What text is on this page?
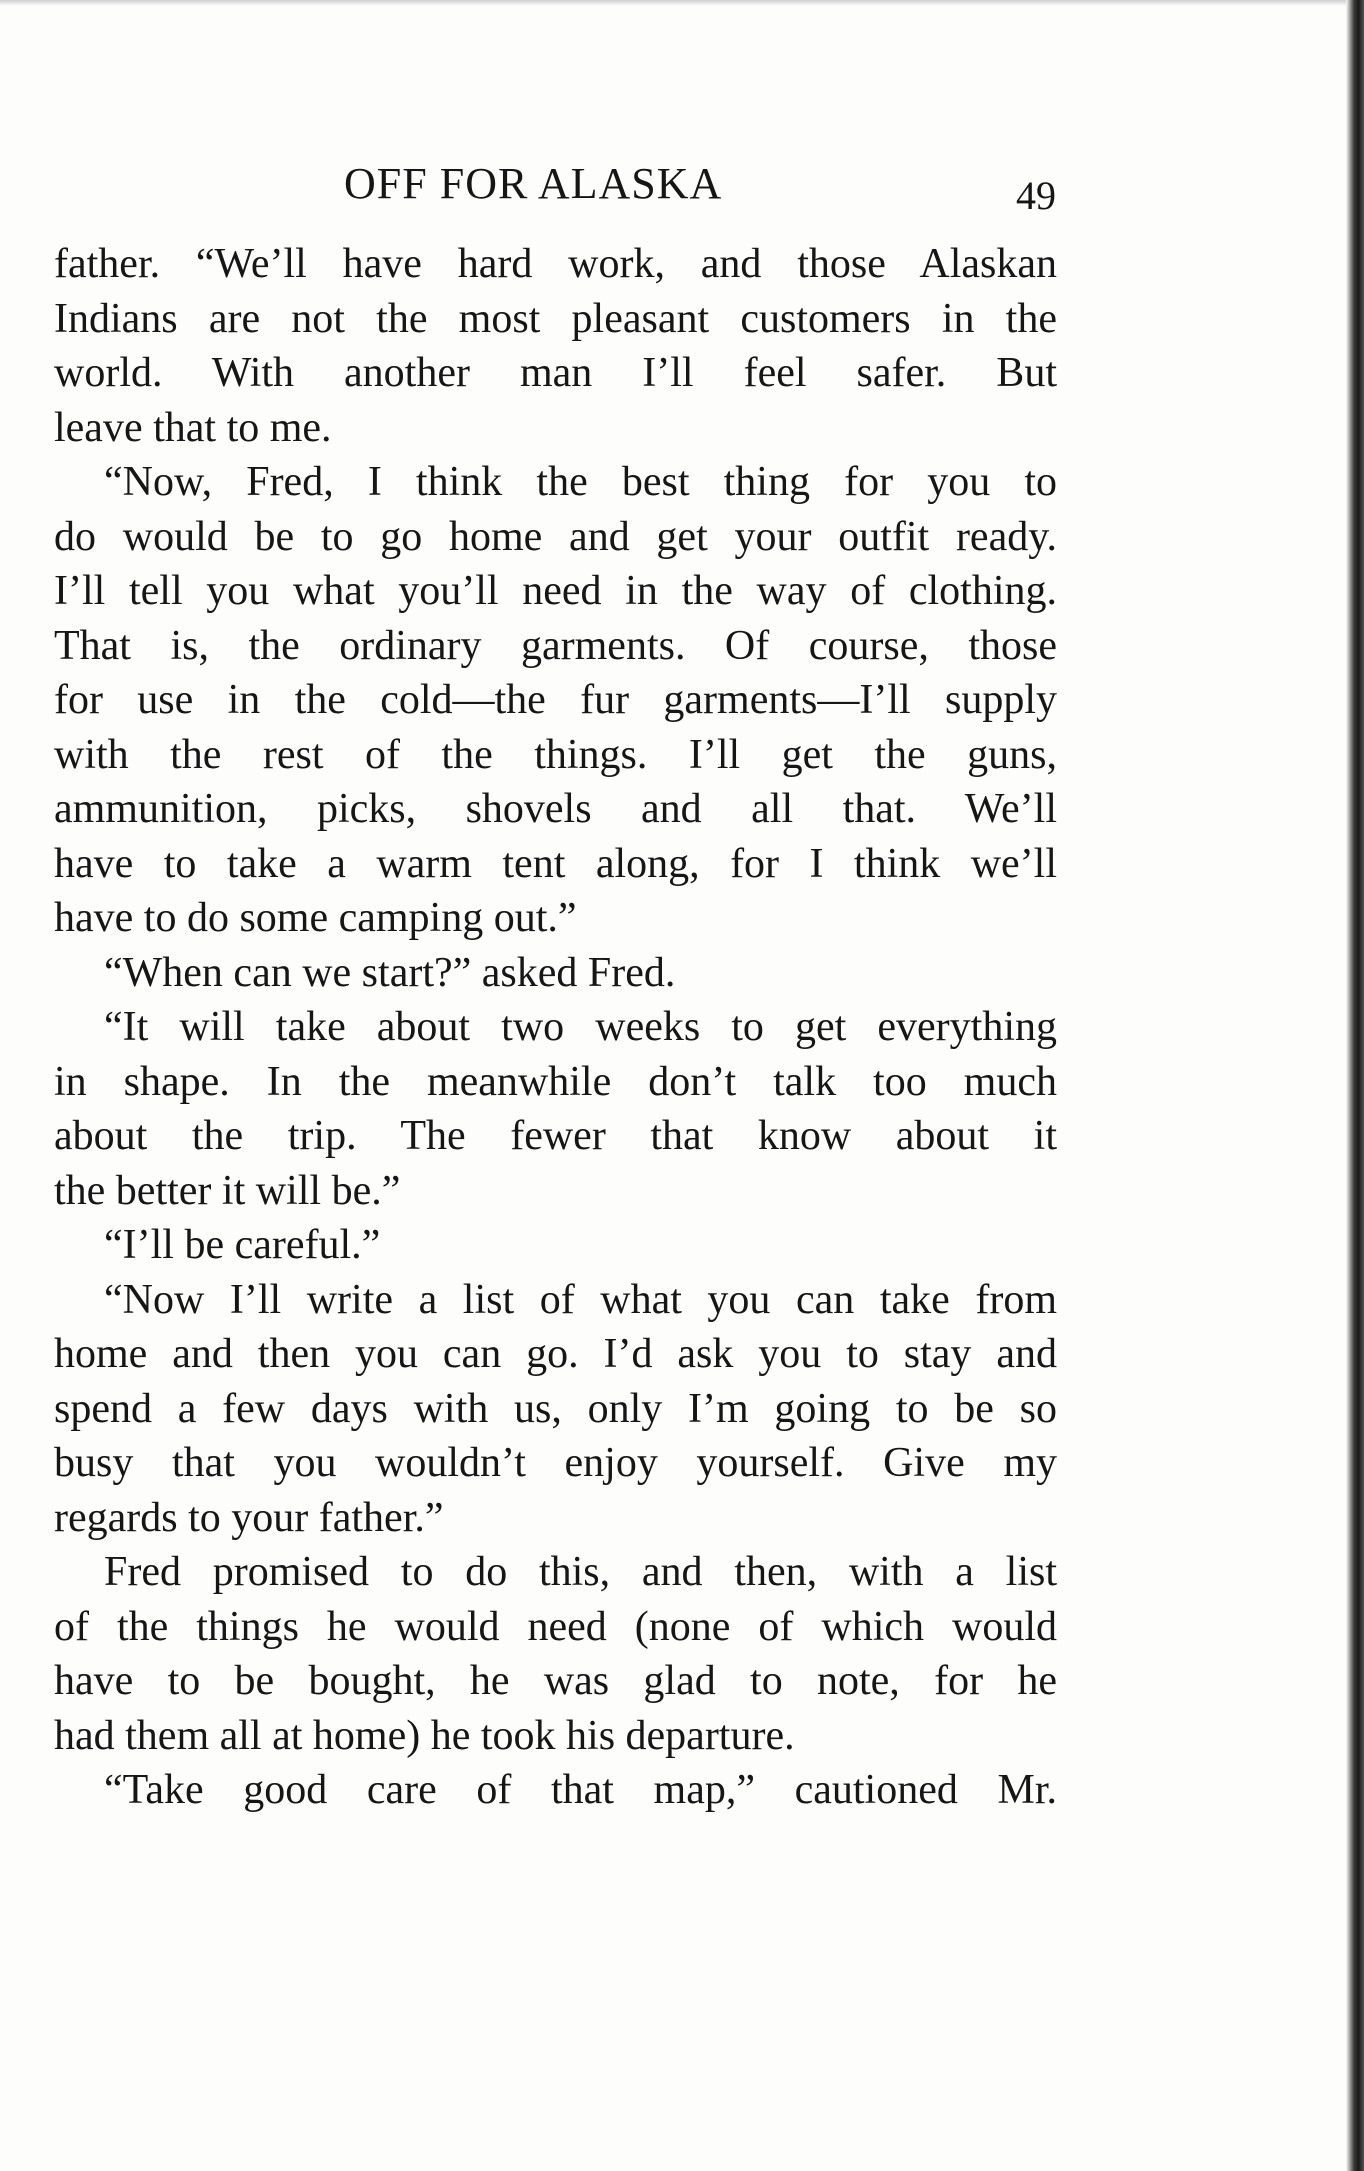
OFF FOR ALASKA	49
father. “We’ll have hard work, and those Alaskan
Indians are not the most pleasant customers in the
world. With another man I’ll feel safer. But
leave that to me.
“Now, Fred, I think the best thing for you to
do would be to go home and get your outfit ready.
I’ll tell you what you’ll need in the way of clothing.
That is, the ordinary garments. Of course, those
for use in the cold—the fur garments—I’ll supply
with the rest of the things. I’ll get the guns,
ammunition, picks, shovels and all that. We’ll
have to take a warm tent along, for I think we’ll
have to do some camping out.”
“When can we start?” asked Fred.
“It will take about two weeks to get everything
in shape. In the meanwhile don’t talk too much
about the trip. The fewer that know about it
the better it will be.”
“I’ll be careful.”
“Now I’ll write a list of what you can take from
home and then you can go. I’d ask you to stay and
spend a few days with us, only I’m going to be so
busy that you wouldn’t enjoy yourself. Give my
regards to your father.”
Fred promised to do this, and then, with a list
of the things he would need (none of which would
have to be bought, he was glad to note, for he
had them all at home) he took his departure.
“Take good care of that map,” cautioned Mr.
